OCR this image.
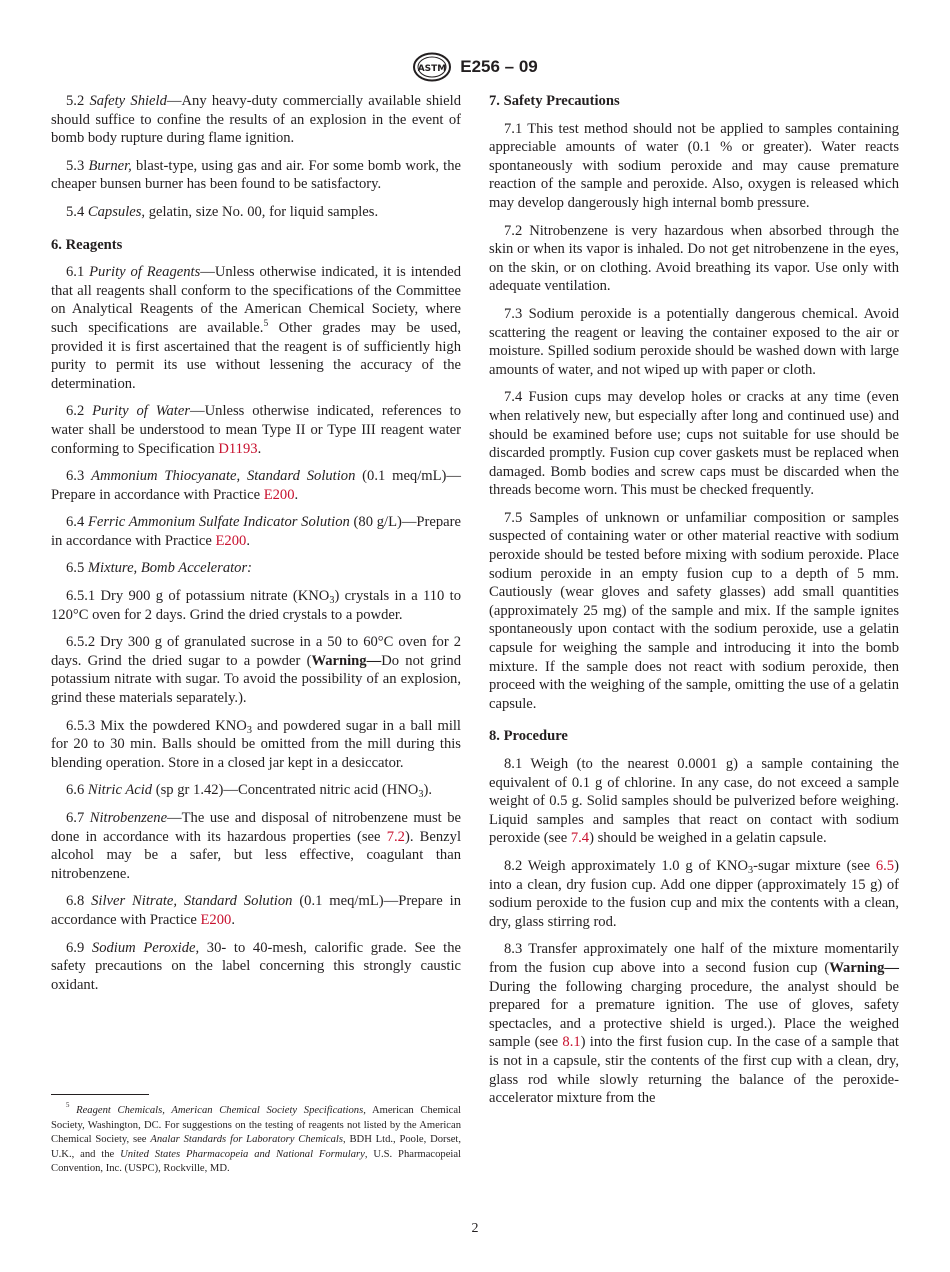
ASTM E256 – 09

5.2 Safety Shield—Any heavy-duty commercially available shield should suffice to confine the results of an explosion in the event of bomb body rupture during flame ignition.

5.3 Burner, blast-type, using gas and air. For some bomb work, the cheaper bunsen burner has been found to be satisfactory.

5.4 Capsules, gelatin, size No. 00, for liquid samples.

6. Reagents

6.1 Purity of Reagents—Unless otherwise indicated, it is intended that all reagents shall conform to the specifications of the Committee on Analytical Reagents of the American Chemical Society, where such specifications are available.$^5$ Other grades may be used, provided it is first ascertained that the reagent is of sufficiently high purity to permit its use without lessening the accuracy of the determination.

6.2 Purity of Water—Unless otherwise indicated, references to water shall be understood to mean Type II or Type III reagent water conforming to Specification D1193.

6.3 Ammonium Thiocyanate, Standard Solution (0.1 meq/mL)—Prepare in accordance with Practice E200.

6.4 Ferric Ammonium Sulfate Indicator Solution (80 g/L)—Prepare in accordance with Practice E200.

6.5 Mixture, Bomb Accelerator:

6.5.1 Dry 900 g of potassium nitrate $(KNO_3)$ crystals in a 110 to 120°C oven for 2 days. Grind the dried crystals to a powder.

6.5.2 Dry 300 g of granulated sucrose in a 50 to 60°C oven for 2 days. Grind the dried sugar to a powder (Warning—Do not grind potassium nitrate with sugar. To avoid the possibility of an explosion, grind these materials separately.).

6.5.3 Mix the powdered $KNO_3$ and powdered sugar in a ball mill for 20 to 30 min. Balls should be omitted from the mill during this blending operation. Store in a closed jar kept in a desiccator.

6.6 Nitric Acid (sp gr 1.42)—Concentrated nitric acid $(HNO_3)$.

6.7 Nitrobenzene—The use and disposal of nitrobenzene must be done in accordance with its hazardous properties (see 7.2). Benzyl alcohol may be a safer, but less effective, coagulant than nitrobenzene.

6.8 Silver Nitrate, Standard Solution (0.1 meq/mL)—Prepare in accordance with Practice E200.

6.9 Sodium Peroxide, 30- to 40-mesh, calorific grade. See the safety precautions on the label concerning this strongly caustic oxidant.

$^5$ Reagent Chemicals, American Chemical Society Specifications, American Chemical Society, Washington, DC. For suggestions on the testing of reagents not listed by the American Chemical Society, see Analar Standards for Laboratory Chemicals, BDH Ltd., Poole, Dorset, U.K., and the United States Pharmacopeia and National Formulary, U.S. Pharmacopeial Convention, Inc. (USPC), Rockville, MD.

7. Safety Precautions

7.1 This test method should not be applied to samples containing appreciable amounts of water (0.1 % or greater). Water reacts spontaneously with sodium peroxide and may cause premature reaction of the sample and peroxide. Also, oxygen is released which may develop dangerously high internal bomb pressure.

7.2 Nitrobenzene is very hazardous when absorbed through the skin or when its vapor is inhaled. Do not get nitrobenzene in the eyes, on the skin, or on clothing. Avoid breathing its vapor. Use only with adequate ventilation.

7.3 Sodium peroxide is a potentially dangerous chemical. Avoid scattering the reagent or leaving the container exposed to the air or moisture. Spilled sodium peroxide should be washed down with large amounts of water, and not wiped up with paper or cloth.

7.4 Fusion cups may develop holes or cracks at any time (even when relatively new, but especially after long and continued use) and should be examined before use; cups not suitable for use should be discarded promptly. Fusion cup cover gaskets must be replaced when damaged. Bomb bodies and screw caps must be discarded when the threads become worn. This must be checked frequently.

7.5 Samples of unknown or unfamiliar composition or samples suspected of containing water or other material reactive with sodium peroxide should be tested before mixing with sodium peroxide. Place sodium peroxide in an empty fusion cup to a depth of 5 mm. Cautiously (wear gloves and safety glasses) add small quantities (approximately 25 mg) of the sample and mix. If the sample ignites spontaneously upon contact with the sodium peroxide, use a gelatin capsule for weighing the sample and introducing it into the bomb mixture. If the sample does not react with sodium peroxide, then proceed with the weighing of the sample, omitting the use of a gelatin capsule.

8. Procedure

8.1 Weigh (to the nearest 0.0001 g) a sample containing the equivalent of 0.1 g of chlorine. In any case, do not exceed a sample weight of 0.5 g. Solid samples should be pulverized before weighing. Liquid samples and samples that react on contact with sodium peroxide (see 7.4) should be weighed in a gelatin capsule.

8.2 Weigh approximately 1.0 g of $KNO_3$-sugar mixture (see 6.5) into a clean, dry fusion cup. Add one dipper (approximately 15 g) of sodium peroxide to the fusion cup and mix the contents with a clean, dry, glass stirring rod.

8.3 Transfer approximately one half of the mixture momentarily from the fusion cup above into a second fusion cup (Warning—During the following charging procedure, the analyst should be prepared for a premature ignition. The use of gloves, safety spectacles, and a protective shield is urged.). Place the weighed sample (see 8.1) into the first fusion cup. In the case of a sample that is not in a capsule, stir the contents of the first cup with a clean, dry, glass rod while slowly returning the balance of the peroxide-accelerator mixture from the

2
